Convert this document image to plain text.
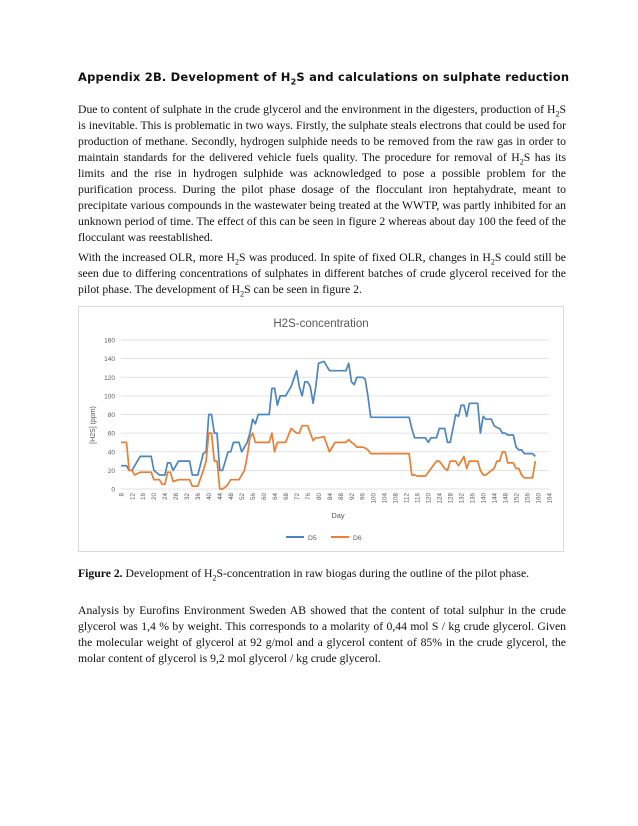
Appendix 2B. Development of $H_2S$ and calculations on sulphate reduction
Due to content of sulphate in the crude glycerol and the environment in the digesters, production of $H_2S$ is inevitable. This is problematic in two ways. Firstly, the sulphate steals electrons that could be used for production of methane. Secondly, hydrogen sulphide needs to be removed from the raw gas in order to maintain standards for the delivered vehicle fuels quality. The procedure for removal of $H_2S$ has its limits and the rise in hydrogen sulphide was acknowledged to pose a possible problem for the purification process. During the pilot phase dosage of the flocculant iron heptahydrate, meant to precipitate various compounds in the wastewater being treated at the WWTP, was partly inhibited for an unknown period of time. The effect of this can be seen in figure 2 whereas about day 100 the feed of the flocculant was reestablished.
With the increased OLR, more $H_2S$ was produced. In spite of fixed OLR, changes in $H_2S$ could still be seen due to differing concentrations of sulphates in different batches of crude glycerol received for the pilot phase. The development of $H_2S$ can be seen in figure 2.
H2S-concentration
0
20
40
60
80
100
120
140
160
8 12 16 20 24 28 32 36 40 44 48 52 56 60 64 68 72 76 80 84 88 92 96 100 104 108 112 116 120 124 128 132 136 140 144 148 152 156 160 164
[H2S] (ppm)
Day
D5	D6
Figure 2. Development of $H_2S$-concentration in raw biogas during the outline of the pilot phase.
Analysis by Eurofins Environment Sweden AB showed that the content of total sulphur in the crude glycerol was 1,4 % by weight. This corresponds to a molarity of 0,44 mol S / kg crude glycerol. Given the molecular weight of glycerol at 92 g/mol and a glycerol content of 85% in the crude glycerol, the molar content of glycerol is 9,2 mol glycerol / kg crude glycerol.
